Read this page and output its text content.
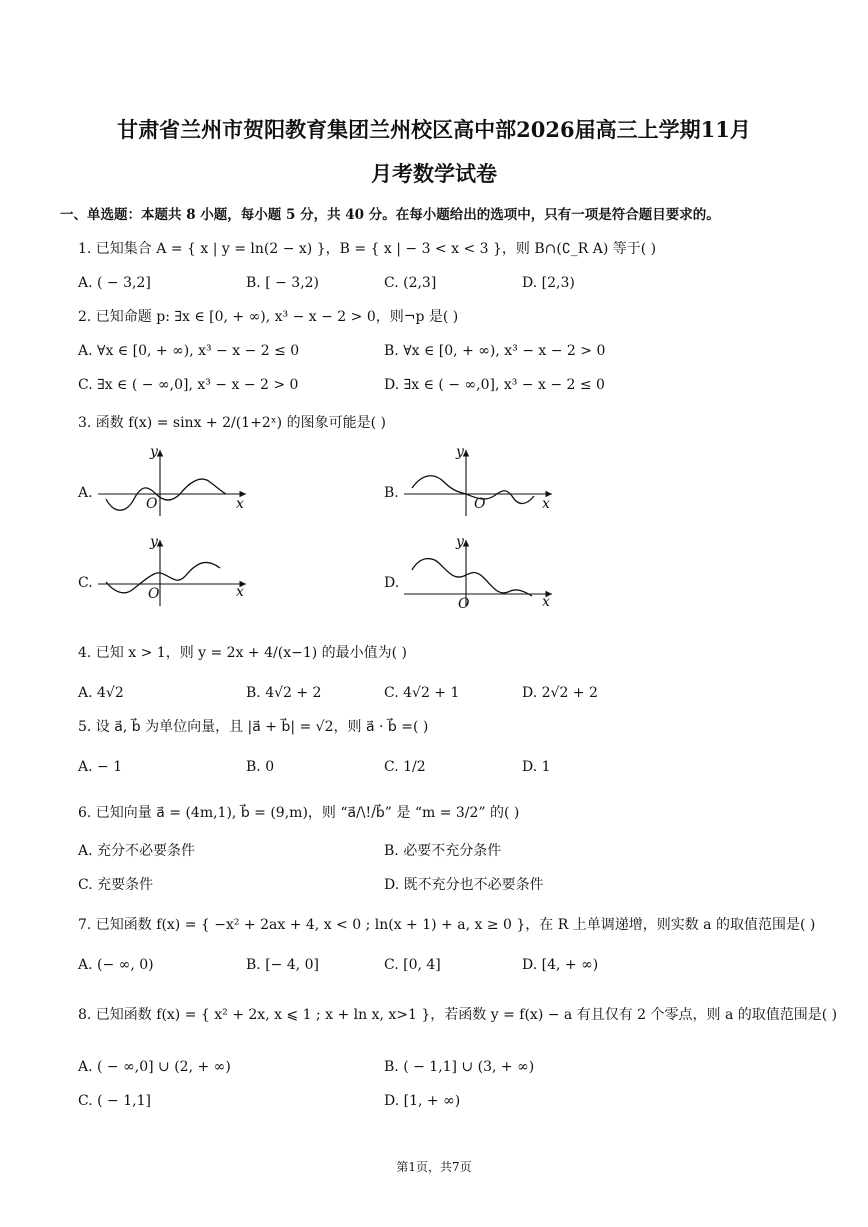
甘肃省兰州市贺阳教育集团兰州校区高中部2026届高三上学期11月
月考数学试卷
一、单选题：本题共 8 小题，每小题 5 分，共 40 分。在每小题给出的选项中，只有一项是符合题目要求的。
1. 已知集合 A = { x | y = ln(2 − x) }，B = { x | − 3 < x < 3 }，则 B∩(∁_R A) 等于( )
A. ( − 3,2]	B. [ − 3,2)	C. (2,3]	D. [2,3)
2. 已知命题 p: ∃x ∈ [0, + ∞), x³ − x − 2 > 0，则¬p 是( )
A. ∀x ∈ [0, + ∞), x³ − x − 2 ≤ 0	B. ∀x ∈ [0, + ∞), x³ − x − 2 > 0
C. ∃x ∈ ( − ∞,0], x³ − x − 2 > 0	D. ∃x ∈ ( − ∞,0], x³ − x − 2 ≤ 0
3. 函数 f(x) = sinx + 2/(1+2ˣ) 的图象可能是( )
A.
y
x
O
B.
y
x
O
C.
y
x
O
D.
y
x
O
4. 已知 x > 1，则 y = 2x + 4/(x−1) 的最小值为( )
A. 4√2	B. 4√2 + 2	C. 4√2 + 1	D. 2√2 + 2
5. 设 a⃗, b⃗ 为单位向量，且 |a⃗ + b⃗| = √2，则 a⃗ · b⃗ =( )
A. − 1	B. 0	C. 1/2	D. 1
6. 已知向量 a⃗ = (4m,1), b⃗ = (9,m)，则 “a⃗/\!/b⃗” 是 “m = 3/2” 的( )
A. 充分不必要条件	B. 必要不充分条件
C. 充要条件	D. 既不充分也不必要条件
7. 已知函数 f(x) = { −x² + 2ax + 4, x < 0 ; ln(x + 1) + a, x ≥ 0 }，在 R 上单调递增，则实数 a 的取值范围是( )
A. (− ∞, 0)	B. [− 4, 0]	C. [0, 4]	D. [4, + ∞)
8. 已知函数 f(x) = { x² + 2x, x ⩽ 1 ; x + ln x, x>1 }，若函数 y = f(x) − a 有且仅有 2 个零点，则 a 的取值范围是( )
A. ( − ∞,0] ∪ (2, + ∞)	B. ( − 1,1] ∪ (3, + ∞)
C. ( − 1,1]	D. [1, + ∞)
第1页，共7页
